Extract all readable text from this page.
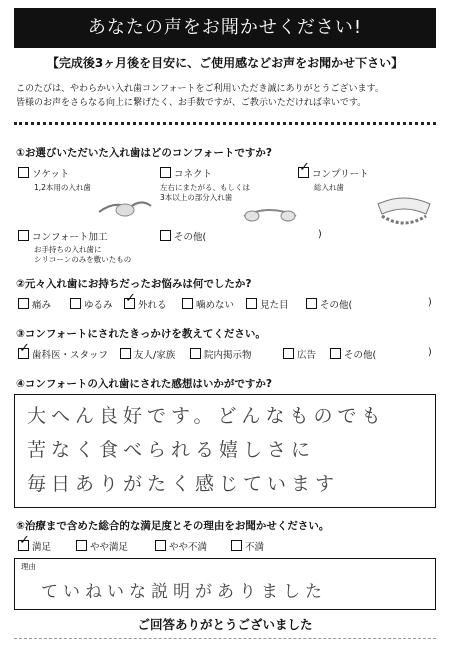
あなたの声をお聞かせください!
【完成後3ヶ月後を目安に、ご使用感などお声をお聞かせ下さい】
このたびは、やわらかい入れ歯コンフォートをご利用いただき誠にありがとうございます。
皆様のお声をさらなる向上に繋げたく、お手数ですが、ご教示いただければ幸いです。
①お選びいただいた入れ歯はどのコンフォートですか?
ソケット
1,2本用の入れ歯
コネクト
左右にまたがる、もしくは
3本以上の部分入れ歯
✓コンプリート
総入れ歯
コンフォート加工
お手持ちの入れ歯に
シリコーンのみを敷いたもの
その他(	)
②元々入れ歯にお持ちだったお悩みは何でしたか?
痛み	ゆるみ
✓	外れる	噛めない	見た目	その他(	)
③コンフォートにされたきっかけを教えてください。
✓歯科医・スタッフ	友人/家族	院内掲示物	広告	その他(	)
④コンフォートの入れ歯にされた感想はいかがですか?
大へん良好です。どんなものでも
苦なく食べられる嬉しさに
毎日ありがたく感じています
⑤治療まで含めた総合的な満足度とその理由をお聞かせください。
✓満足	やや満足	やや不満	不満
理由
ていねいな説明がありました
ご回答ありがとうございました
